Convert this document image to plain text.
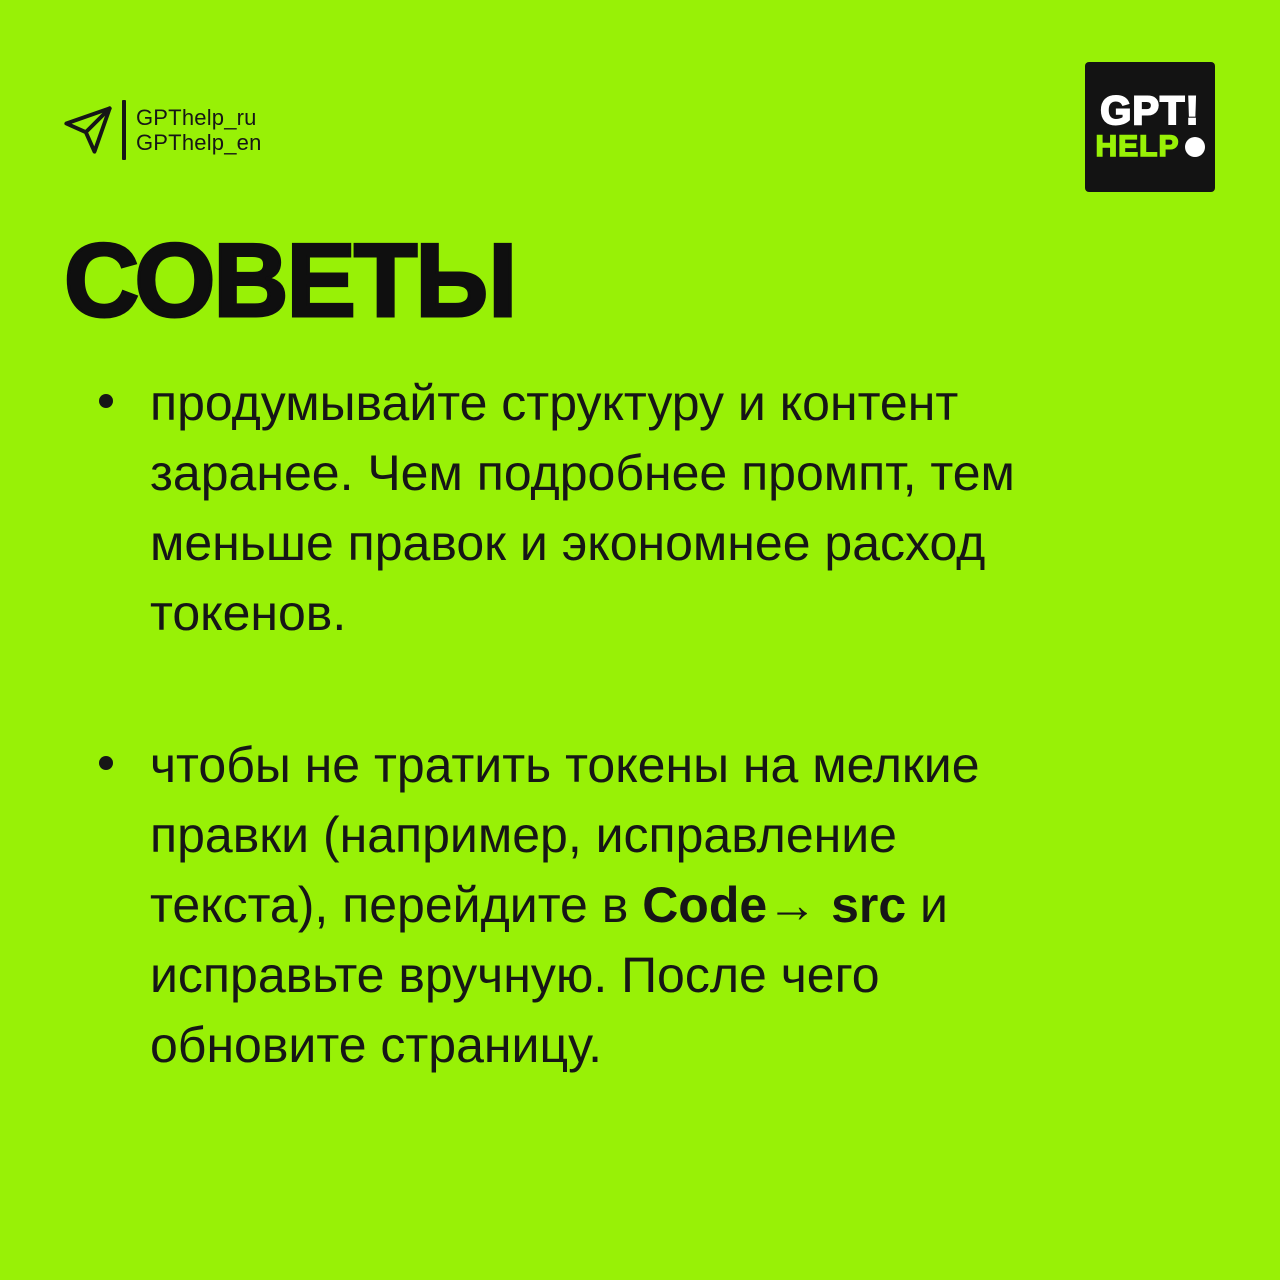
GPThelp_ru
GPThelp_en
GPT!
HELP
СОВЕТЫ
продумывайте структуру и контент
заранее. Чем подробнее промпт, тем
меньше правок и экономнее расход
токенов.
чтобы не тратить токены на мелкие
правки (например, исправление
текста), перейдите в Code→ src и
исправьте вручную. После чего
обновите страницу.
